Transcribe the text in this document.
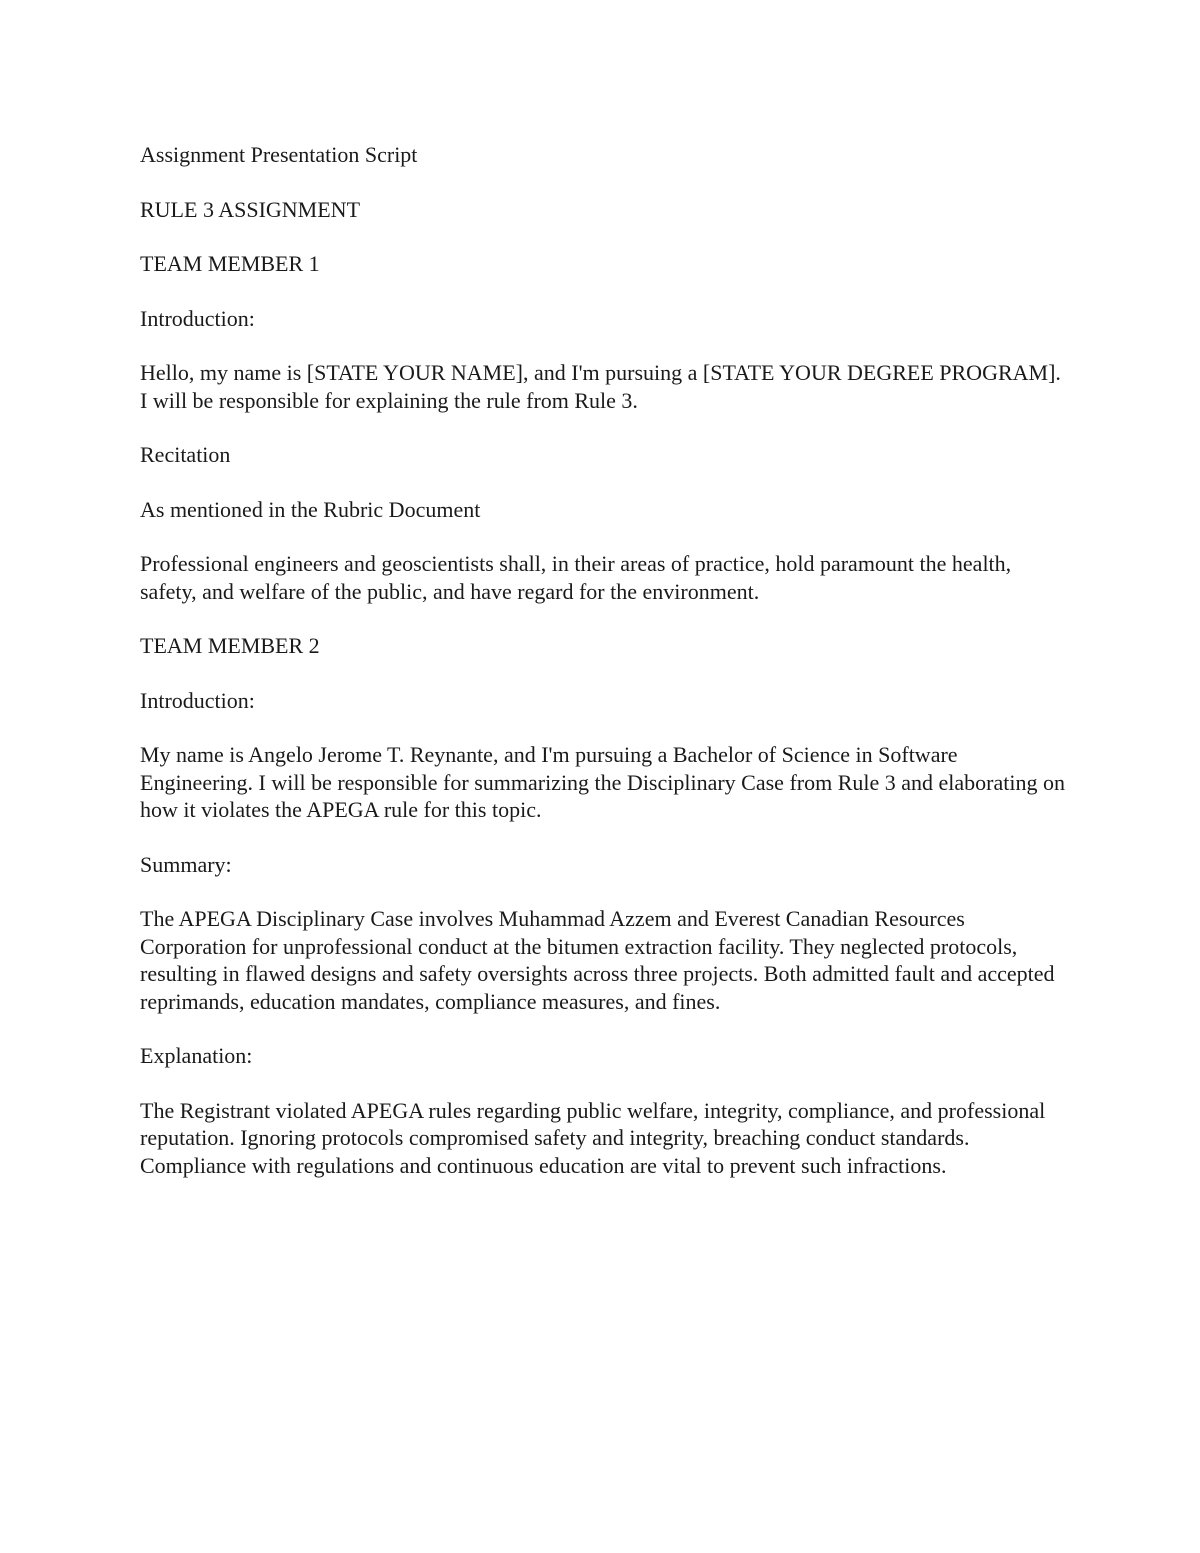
Assignment Presentation Script

RULE 3 ASSIGNMENT

TEAM MEMBER 1

Introduction:

Hello, my name is [STATE YOUR NAME], and I'm pursuing a [STATE YOUR DEGREE PROGRAM]. I will be responsible for explaining the rule from Rule 3.

Recitation

As mentioned in the Rubric Document

Professional engineers and geoscientists shall, in their areas of practice, hold paramount the health, safety, and welfare of the public, and have regard for the environment.

TEAM MEMBER 2

Introduction:

My name is Angelo Jerome T. Reynante, and I'm pursuing a Bachelor of Science in Software Engineering. I will be responsible for summarizing the Disciplinary Case from Rule 3 and elaborating on how it violates the APEGA rule for this topic.

Summary:

The APEGA Disciplinary Case involves Muhammad Azzem and Everest Canadian Resources Corporation for unprofessional conduct at the bitumen extraction facility. They neglected protocols, resulting in flawed designs and safety oversights across three projects. Both admitted fault and accepted reprimands, education mandates, compliance measures, and fines.

Explanation:

The Registrant violated APEGA rules regarding public welfare, integrity, compliance, and professional reputation. Ignoring protocols compromised safety and integrity, breaching conduct standards. Compliance with regulations and continuous education are vital to prevent such infractions.
